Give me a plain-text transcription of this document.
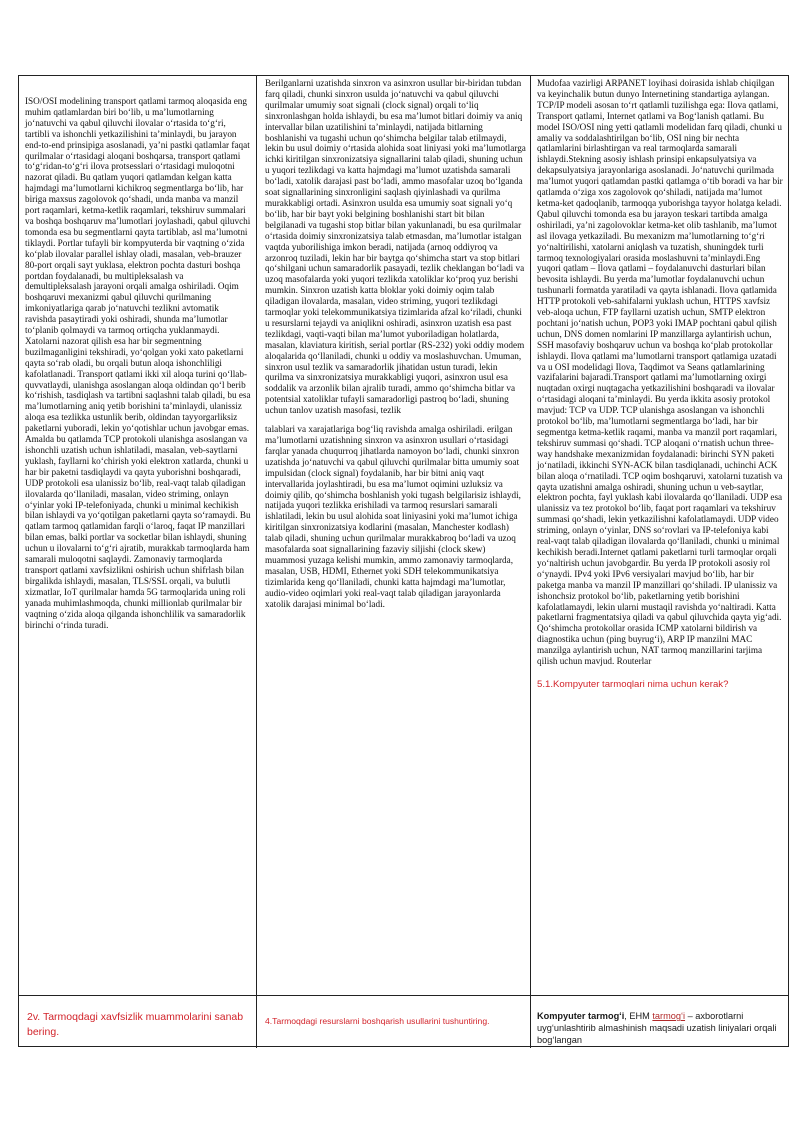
ISO/OSI modelining transport qatlami tarmoq aloqasida eng muhim qatlamlardan biri boʻlib, u maʼlumotlarning joʻnatuvchi va qabul qiluvchi ilovalar oʻrtasida toʻgʻri, tartibli va ishonchli yetkazilishini taʼminlaydi, bu jarayon end-to-end prinsipiga asoslanadi, yaʼni pastki qatlamlar faqat qurilmalar oʻrtasidagi aloqani boshqarsa, transport qatlami toʻgʻridan-toʻgʻri ilova protsesslari oʻrtasidagi muloqotni nazorat qiladi. Bu qatlam yuqori qatlamdan kelgan katta hajmdagi maʼlumotlarni kichikroq segmentlarga boʻlib, har biriga maxsus zagolovok qoʻshadi, unda manba va manzil port raqamlari, ketma-ketlik raqamlari, tekshiruv summalari va boshqa boshqaruv maʼlumotlari joylashadi, qabul qiluvchi tomonda esa bu segmentlarni qayta tartiblab, asl maʼlumotni tiklaydi. Portlar tufayli bir kompyuterda bir vaqtning oʻzida koʻplab ilovalar parallel ishlay oladi, masalan, veb-brauzer 80-port orqali sayt yuklasa, elektron pochta dasturi boshqa portdan foydalanadi, bu multipleksalash va demultipleksalash jarayoni orqali amalga oshiriladi. Oqim boshqaruvi mexanizmi qabul qiluvchi qurilmaning imkoniyatlariga qarab joʻnatuvchi tezlikni avtomatik ravishda pasaytiradi yoki oshiradi, shunda maʼlumotlar toʻplanib qolmaydi va tarmoq ortiqcha yuklanmaydi. Xatolarni nazorat qilish esa har bir segmentning buzilmaganligini tekshiradi, yoʻqolgan yoki xato paketlarni qayta soʻrab oladi, bu orqali butun aloqa ishonchliligi kafolatlanadi. Transport qatlami ikki xil aloqa turini qoʻllab-quvvatlaydi, ulanishga asoslangan aloqa oldindan qoʻl berib koʻrishish, tasdiqlash va tartibni saqlashni talab qiladi, bu esa maʼlumotlarning aniq yetib borishini taʼminlaydi, ulanissiz aloqa esa tezlikka ustunlik berib, oldindan tayyorgarliksiz paketlarni yuboradi, lekin yoʻqotishlar uchun javobgar emas. Amalda bu qatlamda TCP protokoli ulanishga asoslangan va ishonchli uzatish uchun ishlatiladi, masalan, veb-saytlarni yuklash, fayllarni koʻchirish yoki elektron xatlarda, chunki u har bir paketni tasdiqlaydi va qayta yuborishni boshqaradi, UDP protokoli esa ulanissiz boʻlib, real-vaqt talab qiladigan ilovalarda qoʻllaniladi, masalan, video striming, onlayn oʻyinlar yoki IP-telefoniyada, chunki u minimal kechikish bilan ishlaydi va yoʻqotilgan paketlarni qayta soʻramaydi. Bu qatlam tarmoq qatlamidan farqli oʻlaroq, faqat IP manzillari bilan emas, balki portlar va socketlar bilan ishlaydi, shuning uchun u ilovalarni toʻgʻri ajratib, murakkab tarmoqlarda ham samarali muloqotni saqlaydi. Zamonaviy tarmoqlarda transport qatlami xavfsizlikni oshirish uchun shifrlash bilan birgalikda ishlaydi, masalan, TLS/SSL orqali, va bulutli xizmatlar, IoT qurilmalar hamda 5G tarmoqlarida uning roli yanada muhimlashmoqda, chunki millionlab qurilmalar bir vaqtning oʻzida aloqa qilganda ishonchlilik va samaradorlik birinchi oʻrinda turadi.

Berilganlarni uzatishda sinxron va asinxron usullar bir-biridan tubdan farq qiladi, chunki sinxron usulda joʻnatuvchi va qabul qiluvchi qurilmalar umumiy soat signali (clock signal) orqali toʻliq sinxronlashgan holda ishlaydi, bu esa maʼlumot bitlari doimiy va aniq intervallar bilan uzatilishini taʼminlaydi, natijada bitlarning boshlanishi va tugashi uchun qoʻshimcha belgilar talab etilmaydi, lekin bu usul doimiy oʻrtasida alohida soat liniyasi yoki maʼlumotlarga ichki kiritilgan sinxronizatsiya signallarini talab qiladi, shuning uchun u yuqori tezlikdagi va katta hajmdagi maʼlumot uzatishda samarali boʻladi, xatolik darajasi past boʻladi, ammo masofalar uzoq boʻlganda soat signallarining sinxronligini saqlash qiyinlashadi va qurilma murakkabligi ortadi. Asinxron usulda esa umumiy soat signali yoʻq boʻlib, har bir bayt yoki belgining boshlanishi start bit bilan belgilanadi va tugashi stop bitlar bilan yakunlanadi, bu esa qurilmalar oʻrtasida doimiy sinxronizatsiya talab etmasdan, maʼlumotlar istalgan vaqtda yuborilishiga imkon beradi, natijada (arnoq oddiyroq va arzonroq tuziladi, lekin har bir baytga qoʻshimcha start va stop bitlari qoʻshilgani uchun samaradorlik pasayadi, tezlik cheklangan boʻladi va uzoq masofalarda yoki yuqori tezlikda xatoliklar koʻproq yuz berishi mumkin. Sinxron uzatish katta bloklar yoki doimiy oqim talab qiladigan ilovalarda, masalan, video striming, yuqori tezlikdagi tarmoqlar yoki telekommunikatsiya tizimlarida afzal koʻriladi, chunki u resurslarni tejaydi va aniqlikni oshiradi, asinxron uzatish esa past tezlikdagi, vaqti-vaqti bilan maʼlumot yuboriladigan holatlarda, masalan, klaviatura kiritish, serial portlar (RS-232) yoki oddiy modem aloqalarida qoʻllaniladi, chunki u oddiy va moslashuvchan. Umuman, sinxron usul tezlik va samaradorlik jihatidan ustun turadi, lekin qurilma va sinxronizatsiya murakkabligi yuqori, asinxron usul esa soddalik va arzonlik bilan ajralib turadi, ammo qoʻshimcha bitlar va potentsial xatoliklar tufayli samaradorligi pastroq boʻladi, shuning uchun tanlov uzatish masofasi, tezlik

talablari va xarajatlariga bogʻliq ravishda amalga oshiriladi. erilgan maʼlumotlarni uzatishning sinxron va asinxron usullari oʻrtasidagi farqlar yanada chuqurroq jihatlarda namoyon boʻladi, chunki sinxron uzatishda joʻnatuvchi va qabul qiluvchi qurilmalar bitta umumiy soat impulsidan (clock signal) foydalanib, har bir bitni aniq vaqt intervallarida joylashtiradi, bu esa maʼlumot oqimini uzluksiz va doimiy qilib, qoʻshimcha boshlanish yoki tugash belgilarisiz ishlaydi, natijada yuqori tezlikka erishiladi va tarmoq resurslari samarali ishlatiladi, lekin bu usul alohida soat liniyasini yoki maʼlumot ichiga kiritilgan sinxronizatsiya kodlarini (masalan, Manchester kodlash) talab qiladi, shuning uchun qurilmalar murakkabroq boʻladi va uzoq masofalarda soat signallarining fazaviy siljishi (clock skew) muammosi yuzaga kelishi mumkin, ammo zamonaviy tarmoqlarda, masalan, USB, HDMI, Ethernet yoki SDH telekommunikatsiya tizimlarida keng qoʻllaniladi, chunki katta hajmdagi maʼlumotlar, audio-video oqimlari yoki real-vaqt talab qiladigan jarayonlarda xatolik darajasi minimal boʻladi.

Mudofaa vazirligi ARPANET loyihasi doirasida ishlab chiqilgan va keyinchalik butun dunyo Internetining standartiga aylangan. TCP/IP modeli asosan toʻrt qatlamli tuzilishga ega: Ilova qatlami, Transport qatlami, Internet qatlami va Bogʻlanish qatlami. Bu model ISO/OSI ning yetti qatlamli modelidan farq qiladi, chunki u amaliy va soddalashtirilgan boʻlib, OSI ning bir nechta qatlamlarini birlashtirgan va real tarmoqlarda samarali ishlaydi.Stekning asosiy ishlash prinsipi enkapsulyatsiya va dekapsulyatsiya jarayonlariga asoslanadi. Joʻnatuvchi qurilmada maʼlumot yuqori qatlamdan pastki qatlamga oʻtib boradi va har bir qatlamda oʻziga xos zagolovok qoʻshiladi, natijada maʼlumot ketma-ket qadoqlanib, tarmoqqa yuborishga tayyor holatga keladi. Qabul qiluvchi tomonda esa bu jarayon teskari tartibda amalga oshiriladi, yaʼni zagolovoklar ketma-ket olib tashlanib, maʼlumot asl ilovaga yetkaziladi. Bu mexanizm maʼlumotlarning toʻgʻri yoʻnaltirilishi, xatolarni aniqlash va tuzatish, shuningdek turli tarmoq texnologiyalari orasida moslashuvni taʼminlaydi.Eng yuqori qatlam – Ilova qatlami – foydalanuvchi dasturlari bilan bevosita ishlaydi. Bu yerda maʼlumotlar foydalanuvchi uchun tushunarli formatda yaratiladi va qayta ishlanadi. Ilova qatlamida HTTP protokoli veb-sahifalarni yuklash uchun, HTTPS xavfsiz veb-aloqa uchun, FTP fayllarni uzatish uchun, SMTP elektron pochtani joʻnatish uchun, POP3 yoki IMAP pochtani qabul qilish uchun, DNS domen nomlarini IP manzillarga aylantirish uchun, SSH masofaviy boshqaruv uchun va boshqa koʻplab protokollar ishlaydi. Ilova qatlami maʼlumotlarni transport qatlamiga uzatadi va u OSI modelidagi Ilova, Taqdimot va Seans qatlamlarining vazifalarini bajaradi.Transport qatlami maʼlumotlarning oxirgi nuqtadan oxirgi nuqtagacha yetkazilishini boshqaradi va ilovalar oʻrtasidagi aloqani taʼminlaydi. Bu yerda ikkita asosiy protokol mavjud: TCP va UDP. TCP ulanishga asoslangan va ishonchli protokol boʻlib, maʼlumotlarni segmentlarga boʻladi, har bir segmentga ketma-ketlik raqami, manba va manzil port raqamlari, tekshiruv summasi qoʻshadi. TCP aloqani oʻrnatish uchun three-way handshake mexanizmidan foydalanadi: birinchi SYN paketi joʻnatiladi, ikkinchi SYN-ACK bilan tasdiqlanadi, uchinchi ACK bilan aloqa oʻrnatiladi. TCP oqim boshqaruvi, xatolarni tuzatish va qayta uzatishni amalga oshiradi, shuning uchun u veb-saytlar, elektron pochta, fayl yuklash kabi ilovalarda qoʻllaniladi. UDP esa ulanissiz va tez protokol boʻlib, faqat port raqamlari va tekshiruv summasi qoʻshadi, lekin yetkazilishni kafolatlamaydi. UDP video striming, onlayn oʻyinlar, DNS soʻrovlari va IP-telefoniya kabi real-vaqt talab qiladigan ilovalarda qoʻllaniladi, chunki u minimal kechikish beradi.Internet qatlami paketlarni turli tarmoqlar orqali yoʻnaltirish uchun javobgardir. Bu yerda IP protokoli asosiy rol oʻynaydi. IPv4 yoki IPv6 versiyalari mavjud boʻlib, har bir paketga manba va manzil IP manzillari qoʻshiladi. IP ulanissiz va ishonchsiz protokol boʻlib, paketlarning yetib borishini kafolatlamaydi, lekin ularni mustaqil ravishda yoʻnaltiradi. Katta paketlarni fragmentatsiya qiladi va qabul qiluvchida qayta yigʻadi. Qoʻshimcha protokollar orasida ICMP xatolarni bildirish va diagnostika uchun (ping buyrugʻi), ARP IP manzilni MAC manzilga aylantirish uchun, NAT tarmoq manzillarini tarjima qilish uchun mavjud. Routerlar

5.1.Kompyuter tarmoqlari nima uchun kerak?

2v. Tarmoqdagi xavfsizlik muammolarini sanab bering.

4.Tarmoqdagi resurslarni boshqarish usullarini tushuntiring.	Kompyuter tarmogʻi, EHM tarmogʻi – axborotlarni uygʻunlashtirib almashinish maqsadi uzatish liniyalari orqali bogʻlangan
